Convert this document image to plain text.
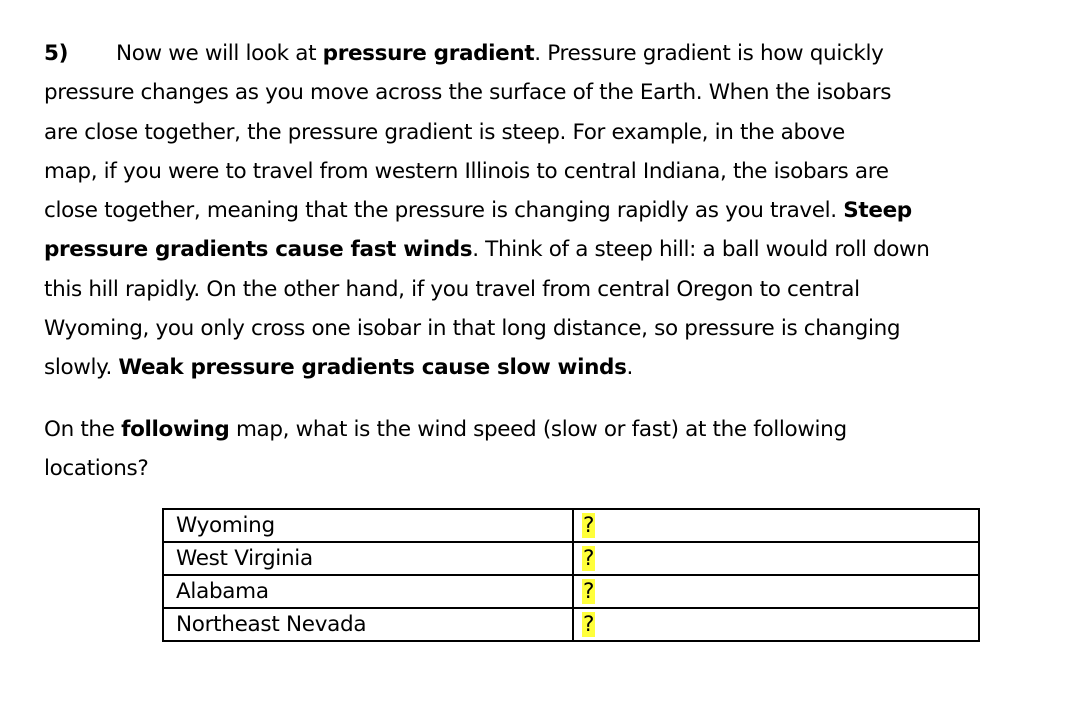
5) Now we will look at pressure gradient. Pressure gradient is how quickly
pressure changes as you move across the surface of the Earth. When the isobars
are close together, the pressure gradient is steep. For example, in the above
map, if you were to travel from western Illinois to central Indiana, the isobars are
close together, meaning that the pressure is changing rapidly as you travel. Steep
pressure gradients cause fast winds. Think of a steep hill: a ball would roll down
this hill rapidly. On the other hand, if you travel from central Oregon to central
Wyoming, you only cross one isobar in that long distance, so pressure is changing
slowly. Weak pressure gradients cause slow winds.

On the following map, what is the wind speed (slow or fast) at the following
locations?

Wyoming	?
West Virginia	?
Alabama	?
Northeast Nevada	?
